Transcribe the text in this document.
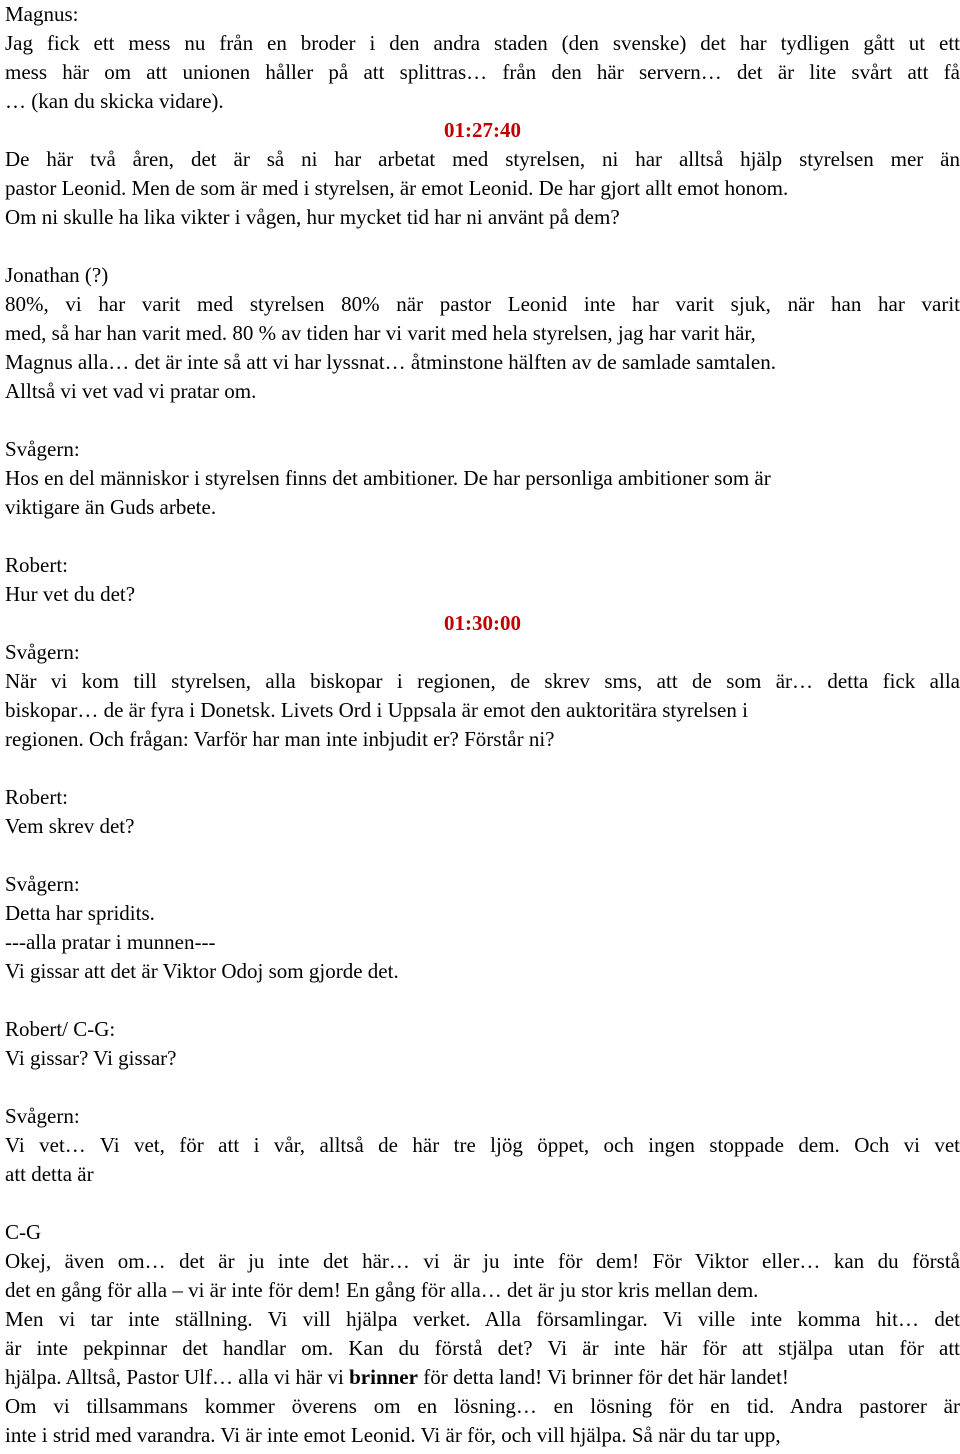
Magnus:
Jag fick ett mess nu från en broder i den andra staden (den svenske) det har tydligen gått ut ett
mess här om att unionen håller på att splittras… från den här servern… det är lite svårt att få
… (kan du skicka vidare).
01:27:40
De här två åren, det är så ni har arbetat med styrelsen, ni har alltså hjälp styrelsen mer än
pastor Leonid. Men de som är med i styrelsen, är emot Leonid. De har gjort allt emot honom.
Om ni skulle ha lika vikter i vågen, hur mycket tid har ni använt på dem?
Jonathan (?)
80%, vi har varit med styrelsen 80% när pastor Leonid inte har varit sjuk, när han har varit
med, så har han varit med. 80 % av tiden har vi varit med hela styrelsen, jag har varit här,
Magnus alla… det är inte så att vi har lyssnat… åtminstone hälften av de samlade samtalen.
Alltså vi vet vad vi pratar om.
Svågern:
Hos en del människor i styrelsen finns det ambitioner. De har personliga ambitioner som är
viktigare än Guds arbete.
Robert:
Hur vet du det?
01:30:00
Svågern:
När vi kom till styrelsen, alla biskopar i regionen, de skrev sms, att de som är… detta fick alla
biskopar… de är fyra i Donetsk. Livets Ord i Uppsala är emot den auktoritära styrelsen i
regionen. Och frågan: Varför har man inte inbjudit er? Förstår ni?
Robert:
Vem skrev det?
Svågern:
Detta har spridits.
---alla pratar i munnen---
Vi gissar att det är Viktor Odoj som gjorde det.
Robert/ C-G:
Vi gissar? Vi gissar?
Svågern:
Vi vet… Vi vet, för att i vår, alltså de här tre ljög öppet, och ingen stoppade dem. Och vi vet
att detta är
C-G
Okej, även om… det är ju inte det här… vi är ju inte för dem! För Viktor eller… kan du förstå
det en gång för alla – vi är inte för dem! En gång för alla… det är ju stor kris mellan dem.
Men vi tar inte ställning. Vi vill hjälpa verket. Alla församlingar. Vi ville inte komma hit… det
är inte pekpinnar det handlar om. Kan du förstå det? Vi är inte här för att stjälpa utan för att
hjälpa. Alltså, Pastor Ulf… alla vi här vi brinner för detta land! Vi brinner för det här landet!
Om vi tillsammans kommer överens om en lösning… en lösning för en tid. Andra pastorer är
inte i strid med varandra. Vi är inte emot Leonid. Vi är för, och vill hjälpa. Så när du tar upp,
